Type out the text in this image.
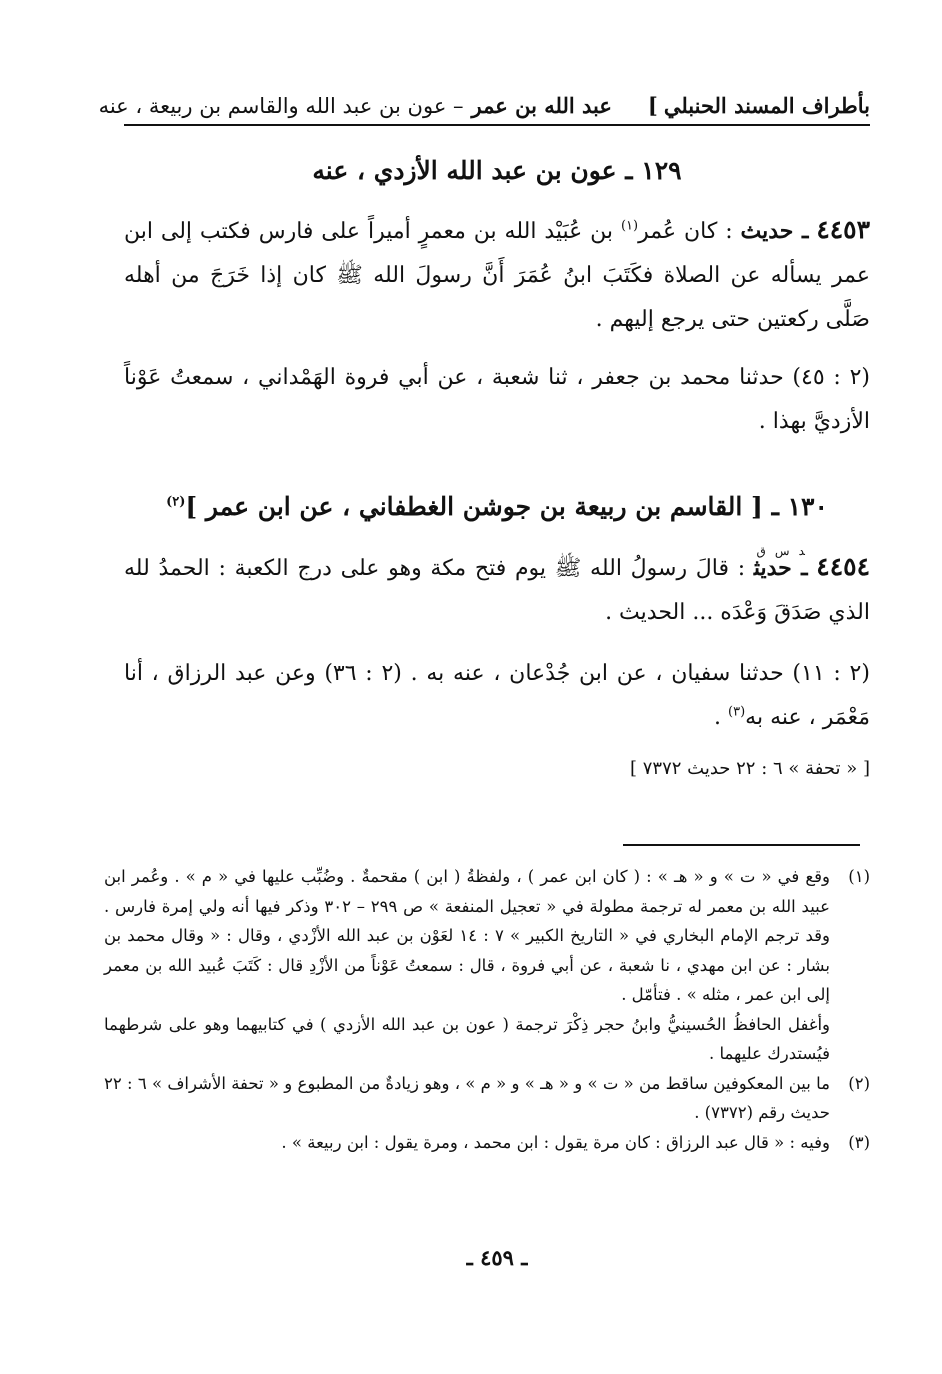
بأطراف المسند الحنبلي
]
عبد الله بن عمر
– عون بن عبد الله والقاسم بن ربيعة ، عنه
١٢٩ ـ عون بن عبد الله الأزدي ، عنه
٤٤٥٣ ـ حديث : كان عُمر$^{(١)}$ بن عُبَيْد الله بن معمرٍ أميراً على فارس فكتب إلى ابن عمر يسأله عن الصلاة فكَتَبَ ابنُ عُمَرَ أَنَّ رسولَ الله ﷺ كان إذا خَرَجَ من أهله صَلَّى ركعتين حتى يرجع إليهم .
(٢ : ٤٥) حدثنا محمد بن جعفر ، ثنا شعبة ، عن أبي فروة الهَمْداني ، سمعتُ عَوْناً الأزديَّ بهذا .
١٣٠ ـ [ القاسم بن ربيعة بن جوشن الغطفاني ، عن ابن عمر ]$^{(٢)}$
٤٤٥٤ ـ حديثد س ق : قالَ رسولُ الله ﷺ يوم فتح مكة وهو على درج الكعبة : الحمدُ لله الذي صَدَقَ وَعْدَه ... الحديث .
(٢ : ١١) حدثنا سفيان ، عن ابن جُدْعان ، عنه به . (٢ : ٣٦) وعن عبد الرزاق ، أنا مَعْمَر ، عنه به$^{(٣)}$ .
[ « تحفة » ٦ : ٢٢ حديث ٧٣٧٢ ]
(١)
وقع في « ت » و « هـ » : ( كان ابن عمر ) ، ولفظةُ ( ابن ) مقحمةٌ . وضُبِّب عليها في « م » . وعُمر ابن عبيد الله بن معمر له ترجمة مطولة في « تعجيل المنفعة » ص ٢٩٩ – ٣٠٢ وذكر فيها أنه ولي إمرة فارس . وقد ترجم الإمام البخاري في « التاريخ الكبير » ٧ : ١٤ لعَوْن بن عبد الله الأزْدي ، وقال : « وقال محمد بن بشار : عن ابن مهدي ، نا شعبة ، عن أبي فروة ، قال : سمعتُ عَوْناً من الأزْدِ قال : كَتَبَ عُبيد الله بن معمر إلى ابن عمر ، مثله » . فتأمّل .
وأغفل الحافظُ الحُسينيُّ وابنُ حجر ذِكْرَ ترجمة ( عون بن عبد الله الأزدي ) في كتابيهما وهو على شرطهما فيُستدرك عليهما .
(٢)
ما بين المعكوفين ساقط من « ت » و « هـ » و « م » ، وهو زيادةٌ من المطبوع و « تحفة الأشراف » ٦ : ٢٢ حديث رقم (٧٣٧٢) .
(٣)
وفيه : « قال عبد الرزاق : كان مرة يقول : ابن محمد ، ومرة يقول : ابن ربيعة » .
ـ ٤٥٩ ـ
